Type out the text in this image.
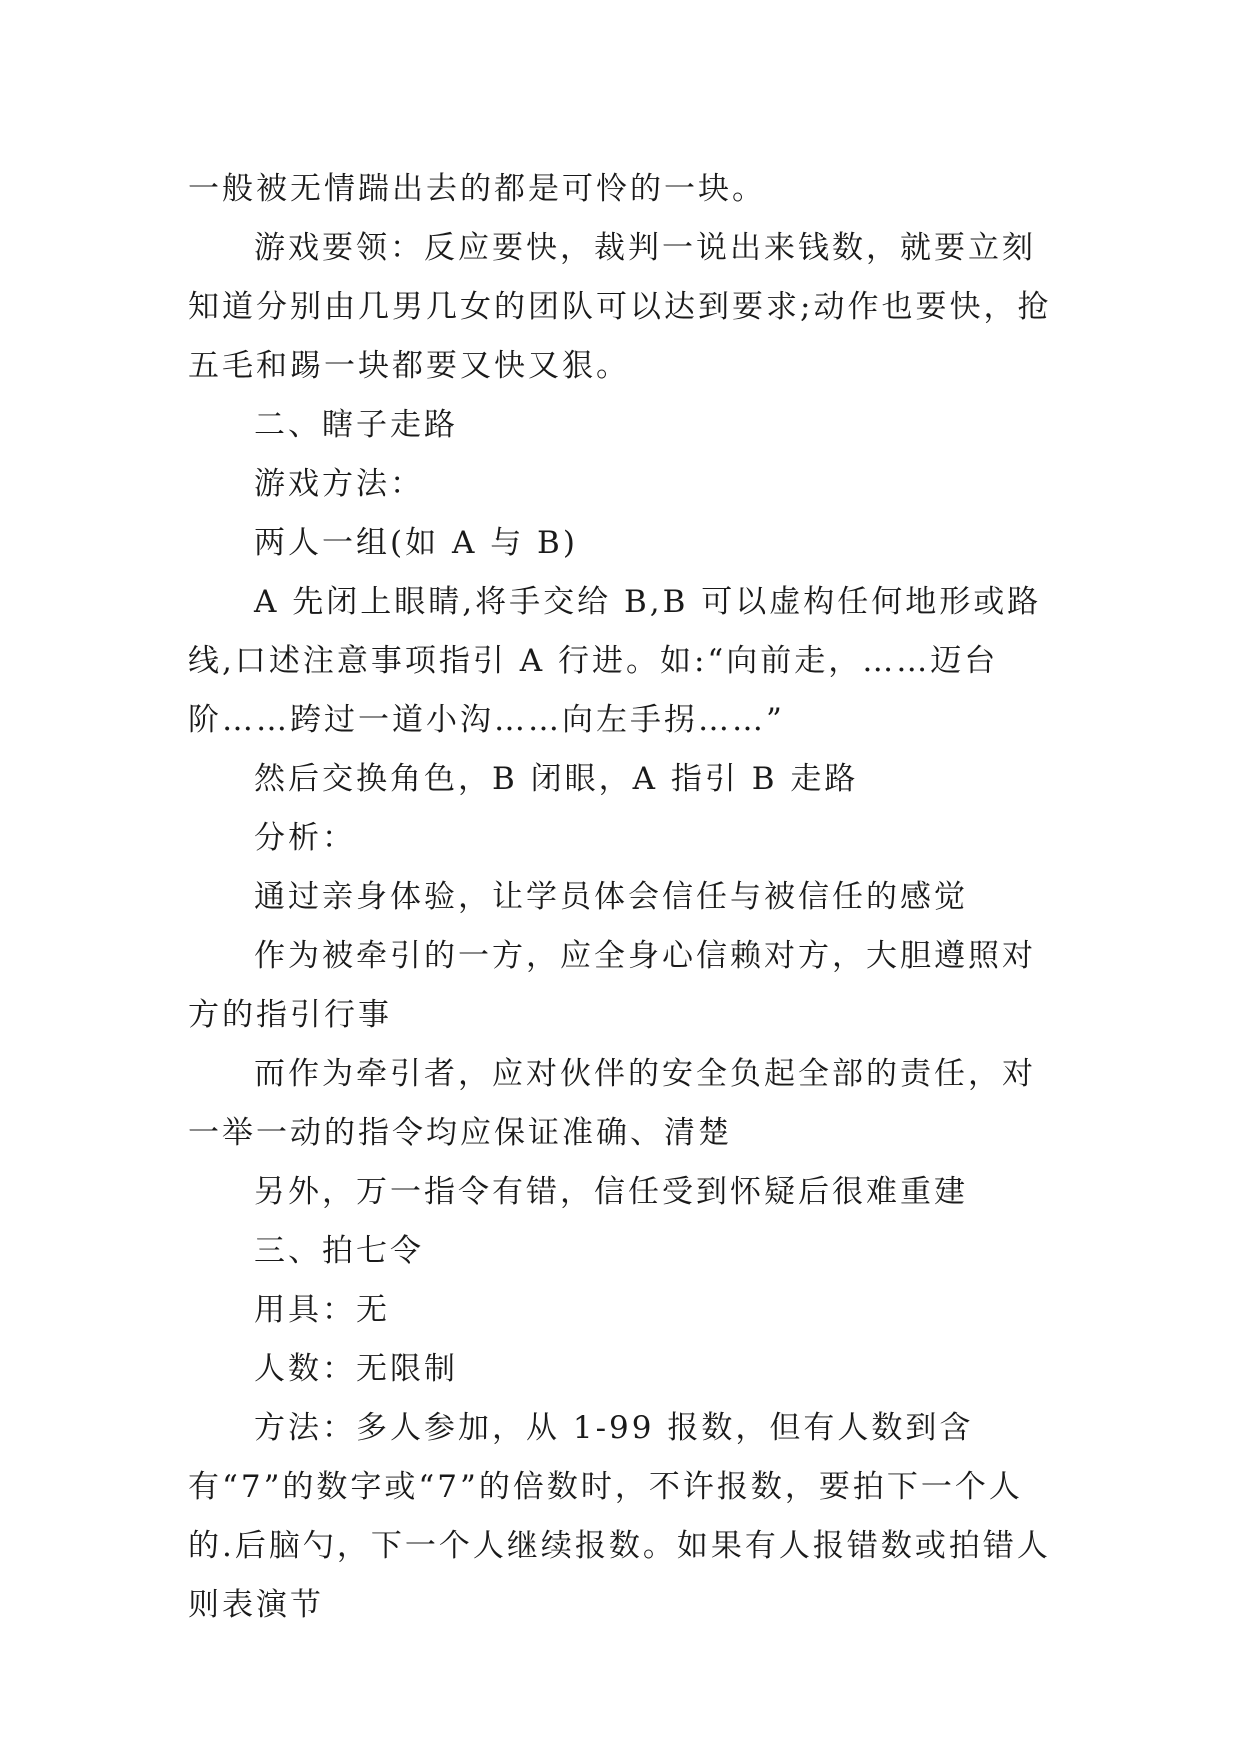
一般被无情踹出去的都是可怜的一块。

游戏要领：反应要快，裁判一说出来钱数，就要立刻知道分别由几男几女的团队可以达到要求;动作也要快，抢五毛和踢一块都要又快又狠。

二、瞎子走路

游戏方法：

两人一组(如 A 与 B)

A 先闭上眼睛,将手交给 B,B 可以虚构任何地形或路线,口述注意事项指引 A 行进。如:“向前走，……迈台阶……跨过一道小沟……向左手拐……”

然后交换角色，B 闭眼，A 指引 B 走路

分析：

通过亲身体验，让学员体会信任与被信任的感觉

作为被牵引的一方，应全身心信赖对方，大胆遵照对方的指引行事

而作为牵引者，应对伙伴的安全负起全部的责任，对一举一动的指令均应保证准确、清楚

另外，万一指令有错，信任受到怀疑后很难重建

三、拍七令

用具：无

人数：无限制

方法：多人参加，从 1-99 报数，但有人数到含有“7”的数字或“7”的倍数时，不许报数，要拍下一个人的.后脑勺，下一个人继续报数。如果有人报错数或拍错人则表演节
